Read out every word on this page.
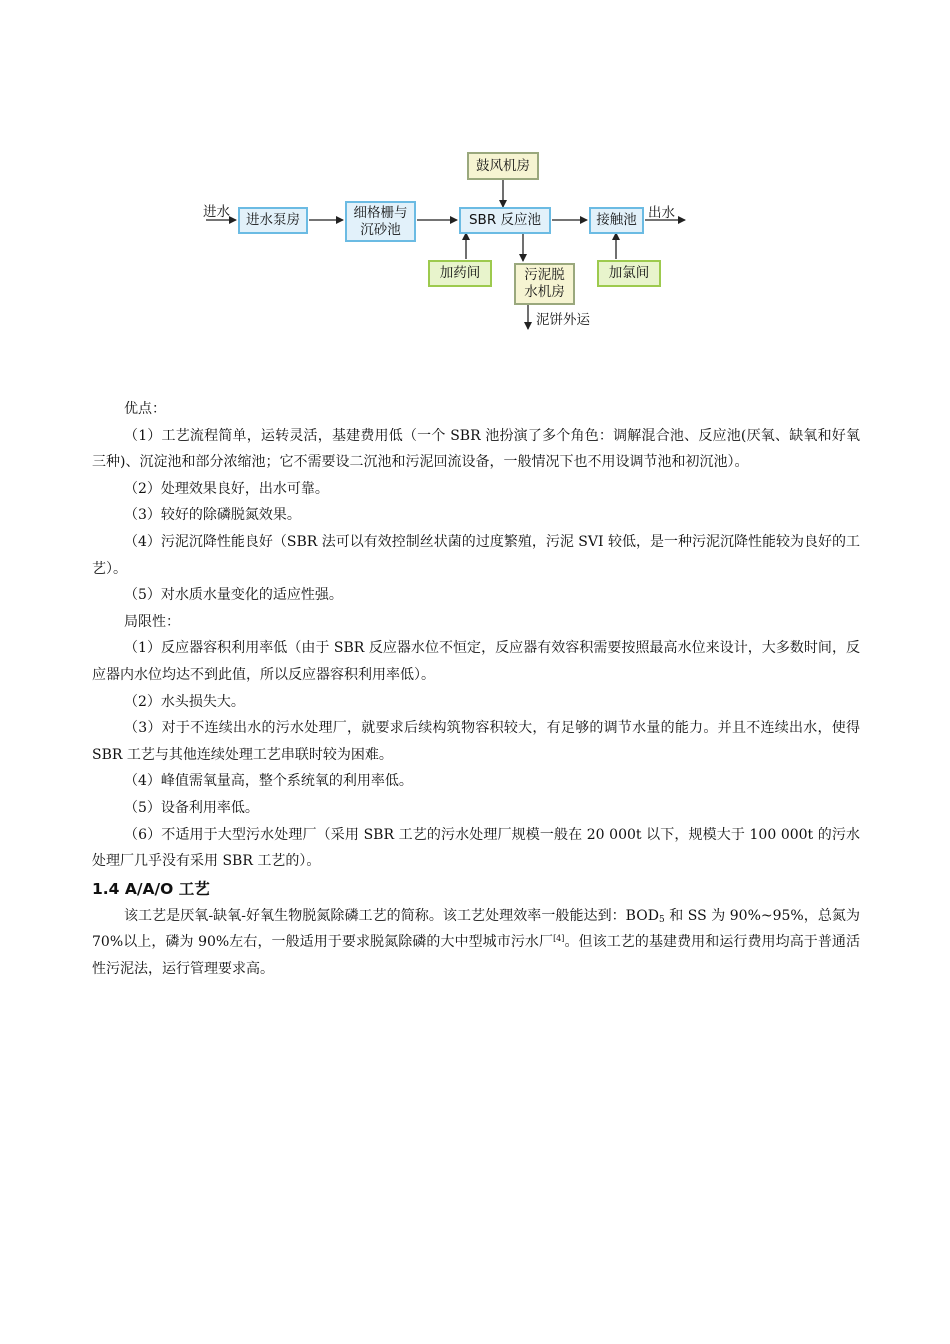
进水	出水
泥饼外运
进水泵房	细格栅与
沉砂池
SBR 反应池
鼓风机房
加药间	污泥脱
水机房
接触池
加氯间

优点：

（1）工艺流程简单，运转灵活，基建费用低（一个 SBR 池扮演了多个角色：调解混合池、反应池(厌氧、缺氧和好氧三种)、沉淀池和部分浓缩池；它不需要设二沉池和污泥回流设备，一般情况下也不用设调节池和初沉池）。

（2）处理效果良好，出水可靠。

（3）较好的除磷脱氮效果。

（4）污泥沉降性能良好（SBR 法可以有效控制丝状菌的过度繁殖，污泥 SVI 较低，是一种污泥沉降性能较为良好的工艺）。

（5）对水质水量变化的适应性强。

局限性：

（1）反应器容积利用率低（由于 SBR 反应器水位不恒定，反应器有效容积需要按照最高水位来设计，大多数时间，反应器内水位均达不到此值，所以反应器容积利用率低）。

（2）水头损失大。

（3）对于不连续出水的污水处理厂，就要求后续构筑物容积较大，有足够的调节水量的能力。并且不连续出水，使得 SBR 工艺与其他连续处理工艺串联时较为困难。

（4）峰值需氧量高，整个系统氧的利用率低。

（5）设备利用率低。

（6）不适用于大型污水处理厂（采用 SBR 工艺的污水处理厂规模一般在 20 000t 以下，规模大于 100 000t 的污水处理厂几乎没有采用 SBR 工艺的）。

1.4 A/A/O 工艺

该工艺是厌氧-缺氧-好氧生物脱氮除磷工艺的简称。该工艺处理效率一般能达到：$BOD_5$ 和 SS 为 90%~95%，总氮为 70%以上，磷为 90%左右，一般适用于要求脱氮除磷的大中型城市污水厂[4]。但该工艺的基建费用和运行费用均高于普通活性污泥法，运行管理要求高。
